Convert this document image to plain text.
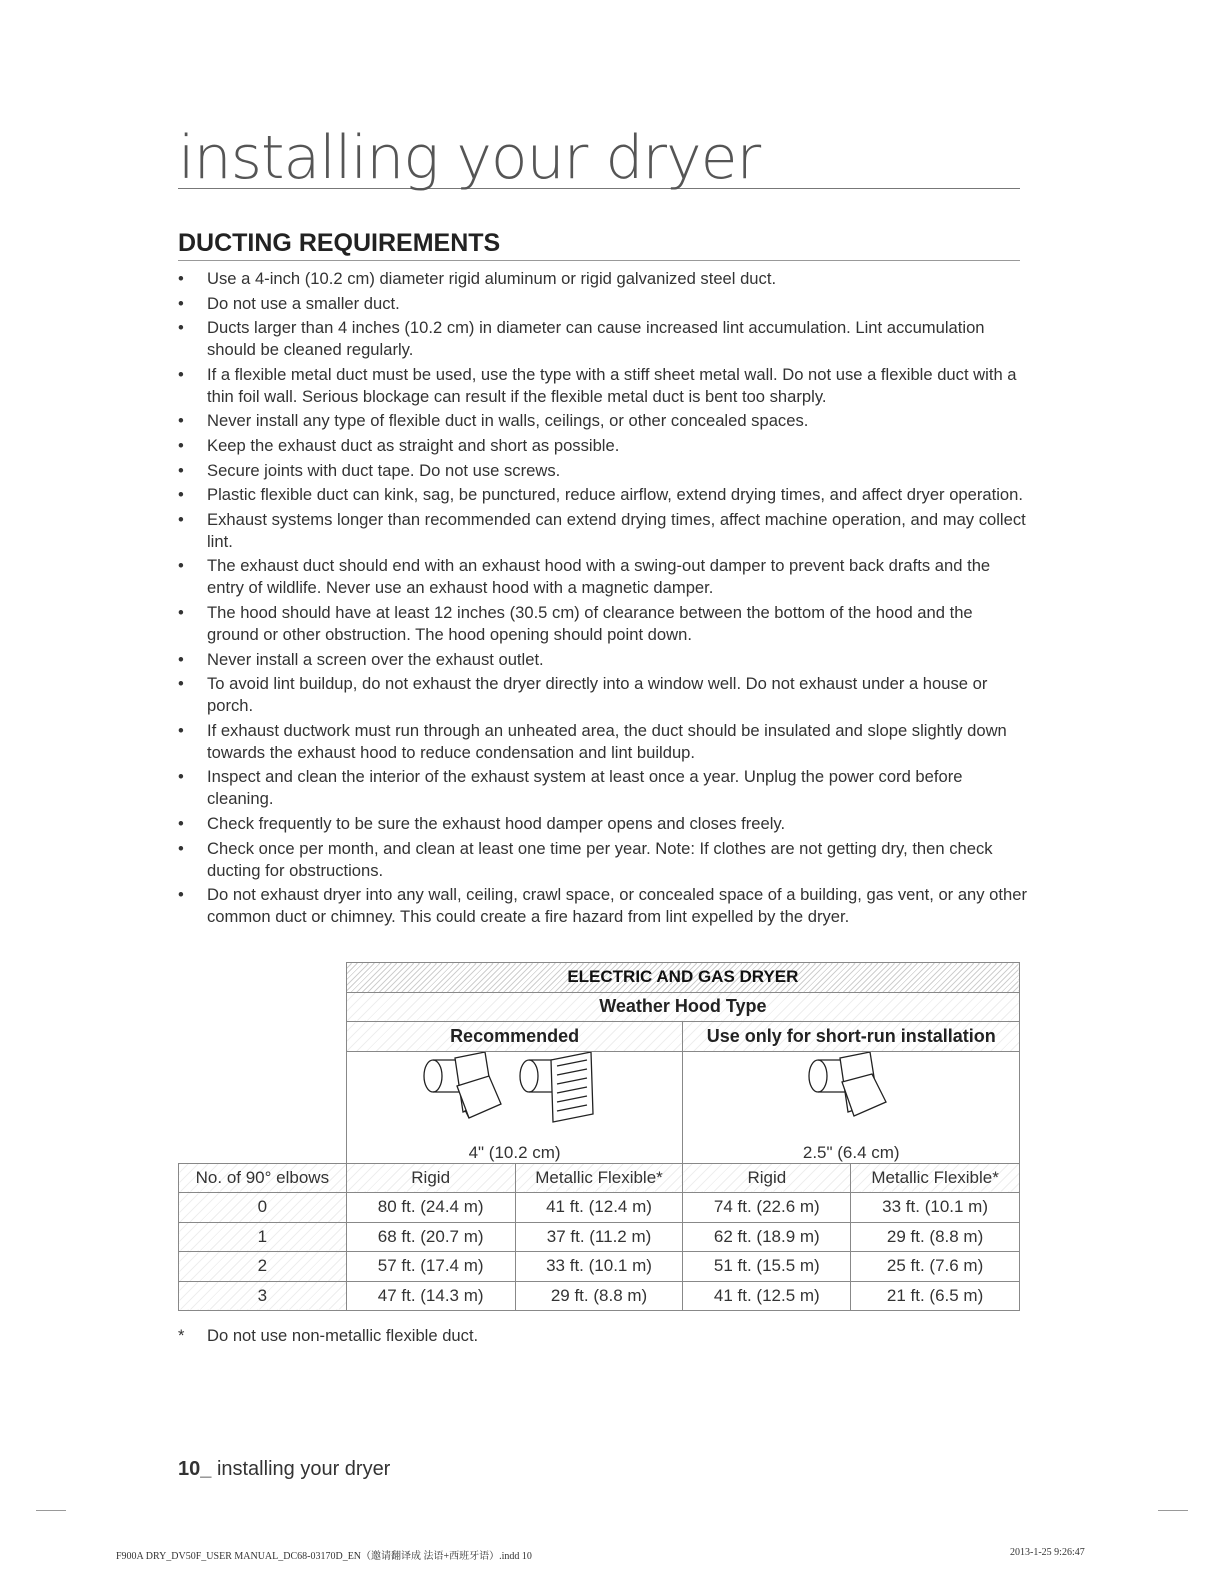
installing your dryer
DUCTING REQUIREMENTS
• Use a 4-inch (10.2 cm) diameter rigid aluminum or rigid galvanized steel duct.
• Do not use a smaller duct.
• Ducts larger than 4 inches (10.2 cm) in diameter can cause increased lint accumulation. Lint accumulation should be cleaned regularly.
• If a flexible metal duct must be used, use the type with a stiff sheet metal wall. Do not use a flexible duct with a thin foil wall. Serious blockage can result if the flexible metal duct is bent too sharply.
• Never install any type of flexible duct in walls, ceilings, or other concealed spaces.
• Keep the exhaust duct as straight and short as possible.
• Secure joints with duct tape. Do not use screws.
• Plastic flexible duct can kink, sag, be punctured, reduce airflow, extend drying times, and affect dryer operation.
• Exhaust systems longer than recommended can extend drying times, affect machine operation, and may collect lint.
• The exhaust duct should end with an exhaust hood with a swing-out damper to prevent back drafts and the entry of wildlife. Never use an exhaust hood with a magnetic damper.
• The hood should have at least 12 inches (30.5 cm) of clearance between the bottom of the hood and the ground or other obstruction. The hood opening should point down.
• Never install a screen over the exhaust outlet.
• To avoid lint buildup, do not exhaust the dryer directly into a window well. Do not exhaust under a house or porch.
• If exhaust ductwork must run through an unheated area, the duct should be insulated and slope slightly down towards the exhaust hood to reduce condensation and lint buildup.
• Inspect and clean the interior of the exhaust system at least once a year. Unplug the power cord before cleaning.
• Check frequently to be sure the exhaust hood damper opens and closes freely.
• Check once per month, and clean at least one time per year. Note: If clothes are not getting dry, then check ducting for obstructions.
• Do not exhaust dryer into any wall, ceiling, crawl space, or concealed space of a building, gas vent, or any other common duct or chimney. This could create a fire hazard from lint expelled by the dryer.
	ELECTRIC AND GAS DRYER			
	Weather Hood Type			
	Recommended		Use only for short-run installation	

	4" (10.2 cm)		2.5" (6.4 cm)	

No. of 90° elbows	Rigid	Metallic Flexible*	Rigid	Metallic Flexible*
0	80 ft. (24.4 m)	41 ft. (12.4 m)	74 ft. (22.6 m)	33 ft. (10.1 m)
1	68 ft. (20.7 m)	37 ft. (11.2 m)	62 ft. (18.9 m)	29 ft. (8.8 m)
2	57 ft. (17.4 m)	33 ft. (10.1 m)	51 ft. (15.5 m)	25 ft. (7.6 m)
3	47 ft. (14.3 m)	29 ft. (8.8 m)	41 ft. (12.5 m)	21 ft. (6.5 m)
* Do not use non-metallic flexible duct.
10_ installing your dryer
F900A DRY_DV50F_USER MANUAL_DC68-03170D_EN（邀请翻译成 法语+西班牙语）.indd 10	2013-1-25 9:26:47
